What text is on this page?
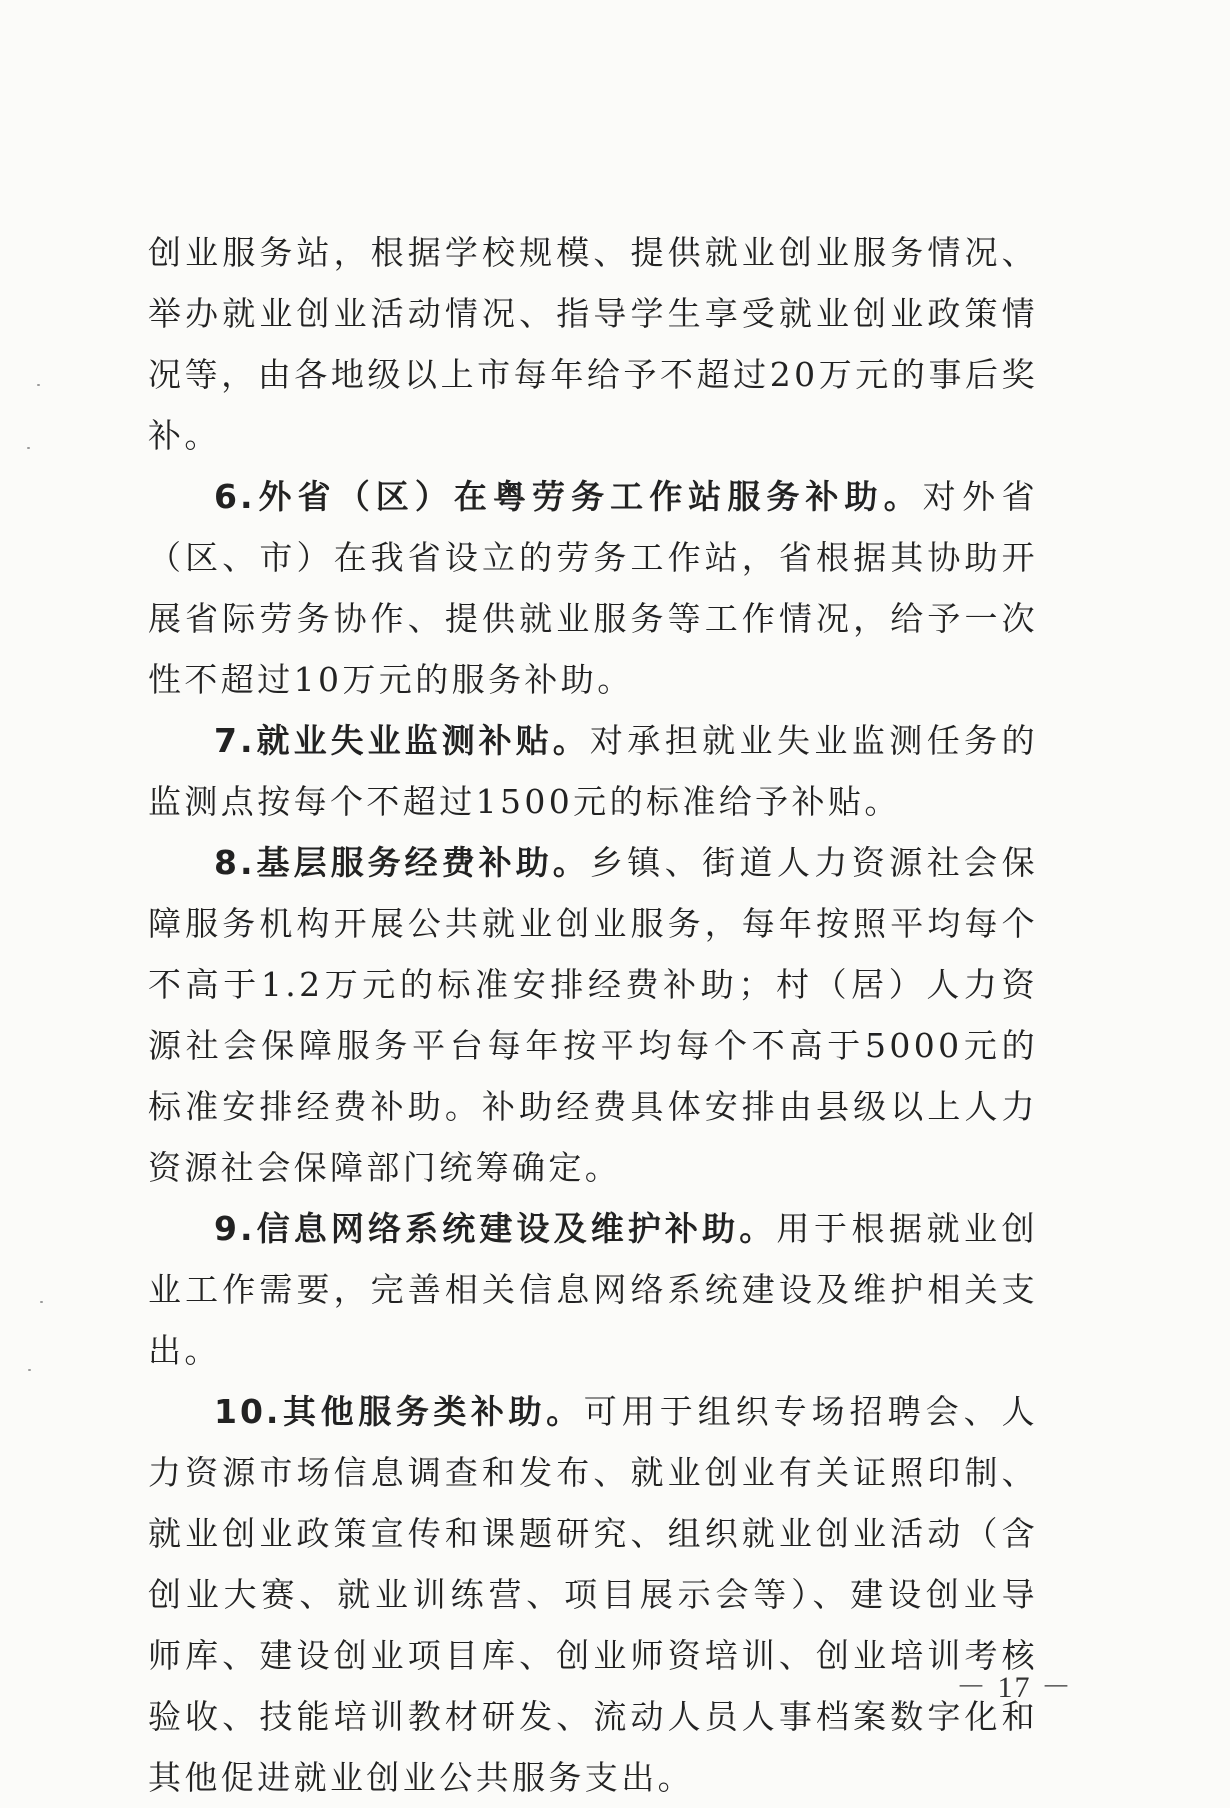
创业服务站，根据学校规模、提供就业创业服务情况、举办就业创业活动情况、指导学生享受就业创业政策情况等，由各地级以上市每年给予不超过20万元的事后奖补。

6.外省（区）在粤劳务工作站服务补助。对外省（区、市）在我省设立的劳务工作站，省根据其协助开展省际劳务协作、提供就业服务等工作情况，给予一次性不超过10万元的服务补助。

7.就业失业监测补贴。对承担就业失业监测任务的监测点按每个不超过1500元的标准给予补贴。

8.基层服务经费补助。乡镇、街道人力资源社会保障服务机构开展公共就业创业服务，每年按照平均每个不高于1.2万元的标准安排经费补助；村（居）人力资源社会保障服务平台每年按平均每个不高于5000元的标准安排经费补助。补助经费具体安排由县级以上人力资源社会保障部门统筹确定。

9.信息网络系统建设及维护补助。用于根据就业创业工作需要，完善相关信息网络系统建设及维护相关支出。

10.其他服务类补助。可用于组织专场招聘会、人力资源市场信息调查和发布、就业创业有关证照印制、就业创业政策宣传和课题研究、组织就业创业活动（含创业大赛、就业训练营、项目展示会等）、建设创业导师库、建设创业项目库、创业师资培训、创业培训考核验收、技能培训教材研发、流动人员人事档案数字化和其他促进就业创业公共服务支出。

－ 17 －
